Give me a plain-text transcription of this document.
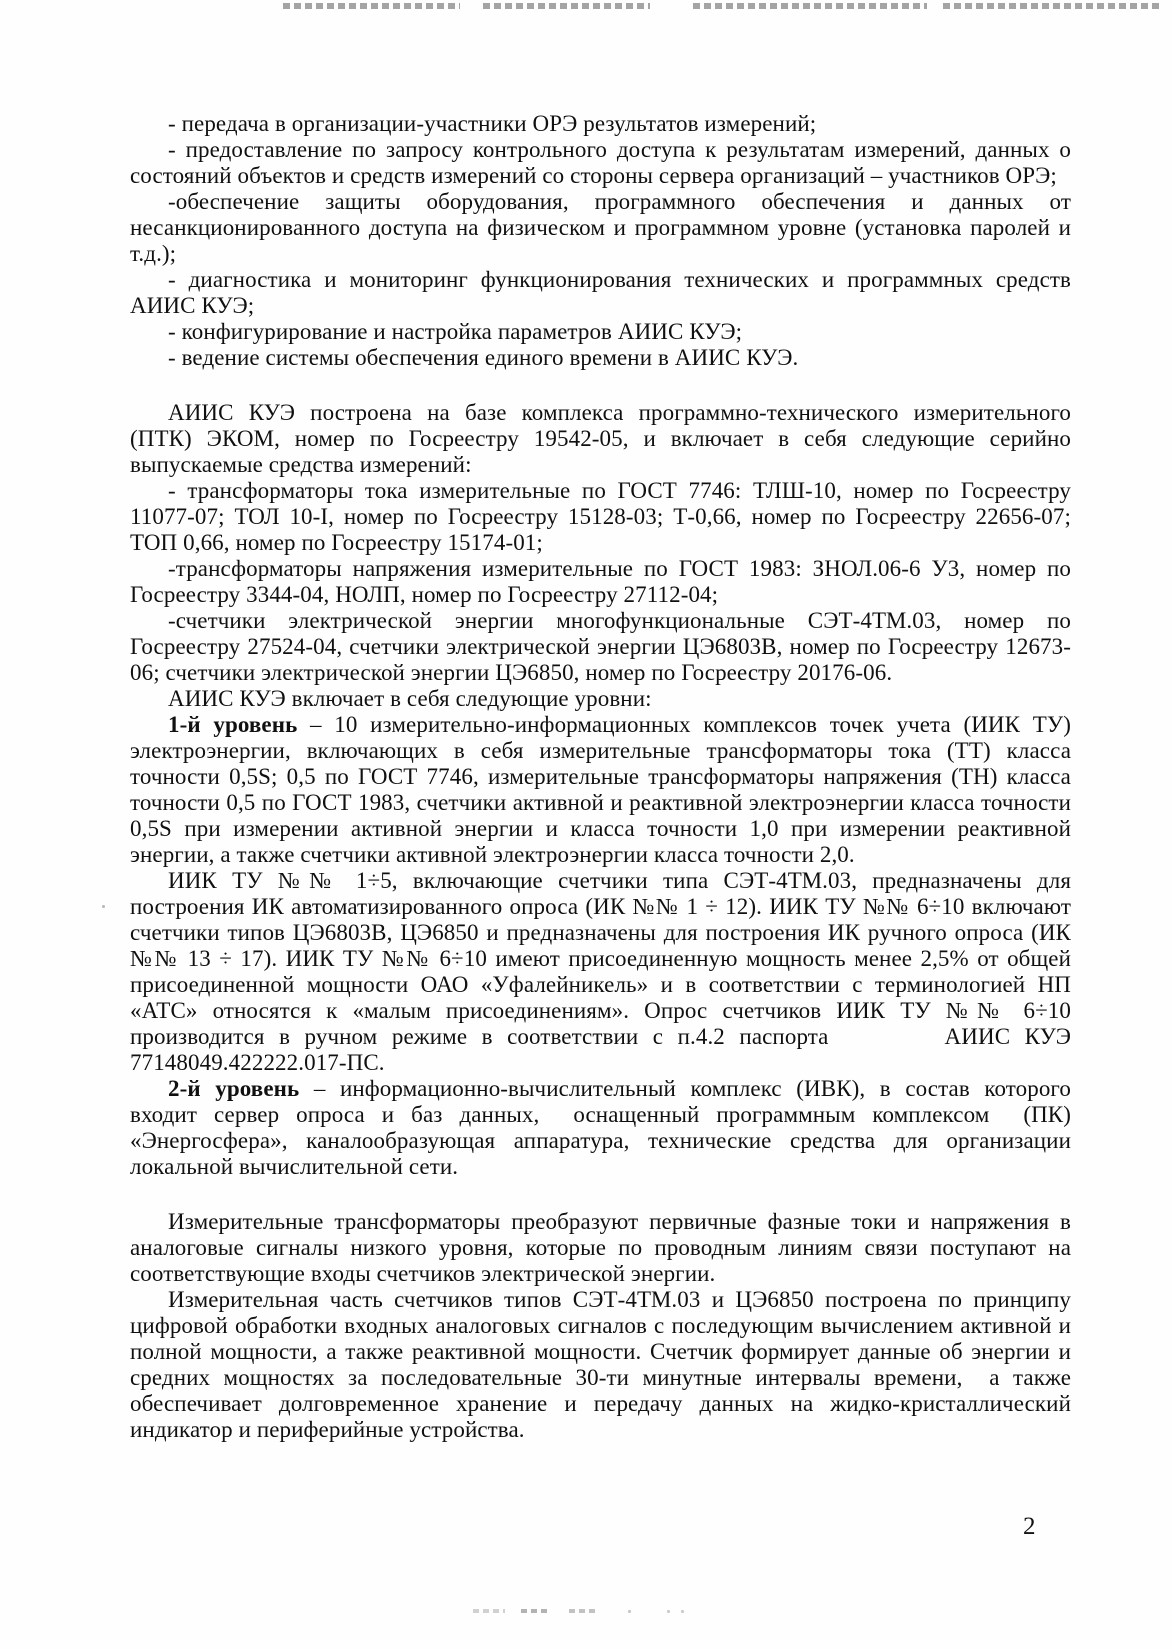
- передача в организации-участники ОРЭ результатов измерений;

- предоставление по запросу контрольного доступа к результатам измерений, данных о состояний объектов и средств измерений со стороны сервера организаций – участников ОРЭ;

-обеспечение защиты оборудования, программного обеспечения и данных от несанкционированного доступа на физическом и программном уровне (установка паролей и т.д.);

- диагностика и мониторинг функционирования технических и программных средств АИИС КУЭ;

- конфигурирование и настройка параметров АИИС КУЭ;

- ведение системы обеспечения единого времени в АИИС КУЭ.

АИИС КУЭ построена на базе комплекса программно-технического измерительного (ПТК) ЭКОМ, номер по Госреестру 19542-05, и включает в себя следующие серийно выпускаемые средства измерений:

- трансформаторы тока измерительные по ГОСТ 7746: ТЛШ-10, номер по Госреестру 11077-07; ТОЛ 10-I, номер по Госреестру 15128-03; Т-0,66, номер по Госреестру 22656-07; ТОП 0,66, номер по Госреестру 15174-01;

-трансформаторы напряжения измерительные по ГОСТ 1983: ЗНОЛ.06-6 У3, номер по Госреестру 3344-04, НОЛП, номер по Госреестру 27112-04;

-счетчики электрической энергии многофункциональные СЭТ-4ТМ.03, номер по Госреестру 27524-04, счетчики электрической энергии ЦЭ6803В, номер по Госреестру 12673-06; счетчики электрической энергии ЦЭ6850, номер по Госреестру 20176-06.

АИИС КУЭ включает в себя следующие уровни:

1-й уровень – 10 измерительно-информационных комплексов точек учета (ИИК ТУ) электроэнергии, включающих в себя измерительные трансформаторы тока (ТТ) класса точности 0,5S; 0,5 по ГОСТ 7746, измерительные трансформаторы напряжения (ТН) класса точности 0,5 по ГОСТ 1983, счетчики активной и реактивной электроэнергии класса точности 0,5S при измерении активной энергии и класса точности 1,0 при измерении реактивной энергии, а также счетчики активной электроэнергии класса точности 2,0.

ИИК ТУ №№ 1÷5, включающие счетчики типа СЭТ-4ТМ.03, предназначены для построения ИК автоматизированного опроса (ИК №№ 1 ÷ 12). ИИК ТУ №№ 6÷10 включают счетчики типов ЦЭ6803В, ЦЭ6850 и предназначены для построения ИК ручного опроса (ИК №№ 13 ÷ 17). ИИК ТУ №№ 6÷10 имеют присоединенную мощность менее 2,5% от общей присоединенной мощности ОАО «Уфалейникель» и в соответствии с терминологией НП «АТС» относятся к «малым присоединениям». Опрос счетчиков ИИК ТУ №№ 6÷10 производится в ручном режиме в соответствии с п.4.2 паспорта        АИИС КУЭ 77148049.422222.017-ПС.

2-й уровень – информационно-вычислительный комплекс (ИВК), в состав которого входит сервер опроса и баз данных,  оснащенный программным комплексом  (ПК) «Энергосфера», каналообразующая аппаратура, технические средства для организации локальной вычислительной сети.

Измерительные трансформаторы преобразуют первичные фазные токи и напряжения в аналоговые сигналы низкого уровня, которые по проводным линиям связи поступают на соответствующие входы счетчиков электрической энергии.

Измерительная часть счетчиков типов СЭТ-4ТМ.03 и ЦЭ6850 построена по принципу цифровой обработки входных аналоговых сигналов с последующим вычислением активной и полной мощности, а также реактивной мощности. Счетчик формирует данные об энергии и средних мощностях за последовательные 30-ти минутные интервалы времени,  а также обеспечивает долговременное хранение и передачу данных на жидко-кристаллический индикатор и периферийные устройства.

2
